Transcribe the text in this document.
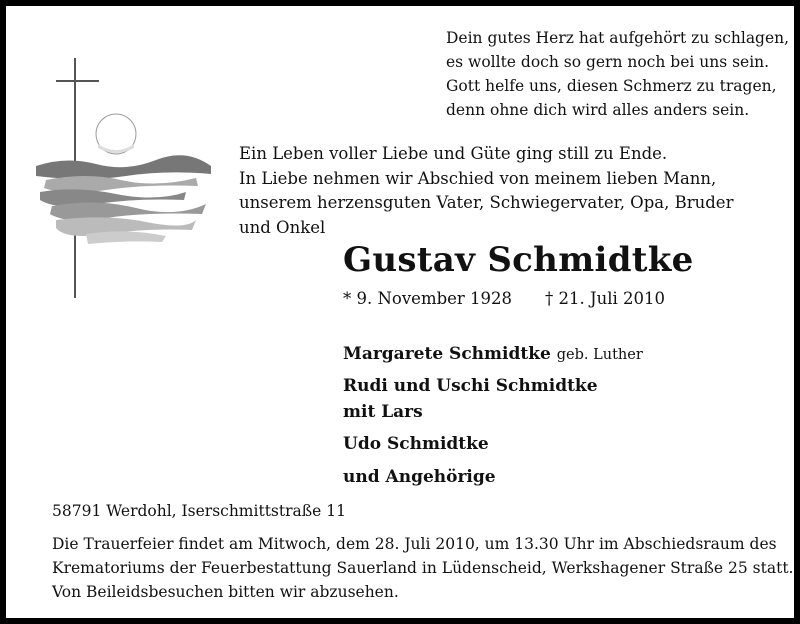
Dein gutes Herz hat aufgehört zu schlagen,
es wollte doch so gern noch bei uns sein.
Gott helfe uns, diesen Schmerz zu tragen,
denn ohne dich wird alles anders sein.
Ein Leben voller Liebe und Güte ging still zu Ende.
In Liebe nehmen wir Abschied von meinem lieben Mann,
unserem herzensguten Vater, Schwiegervater, Opa, Bruder
und Onkel
Gustav Schmidtke
* 9. November 1928 † 21. Juli 2010
Margarete Schmidtke geb. Luther
Rudi und Uschi Schmidtke
mit Lars
Udo Schmidtke
und Angehörige
58791 Werdohl, Iserschmittstraße 11
Die Trauerfeier findet am Mitwoch, dem 28. Juli 2010, um 13.30 Uhr im Abschiedsraum des
Krematoriums der Feuerbestattung Sauerland in Lüdenscheid, Werkshagener Straße 25 statt.
Von Beileidsbesuchen bitten wir abzusehen.
